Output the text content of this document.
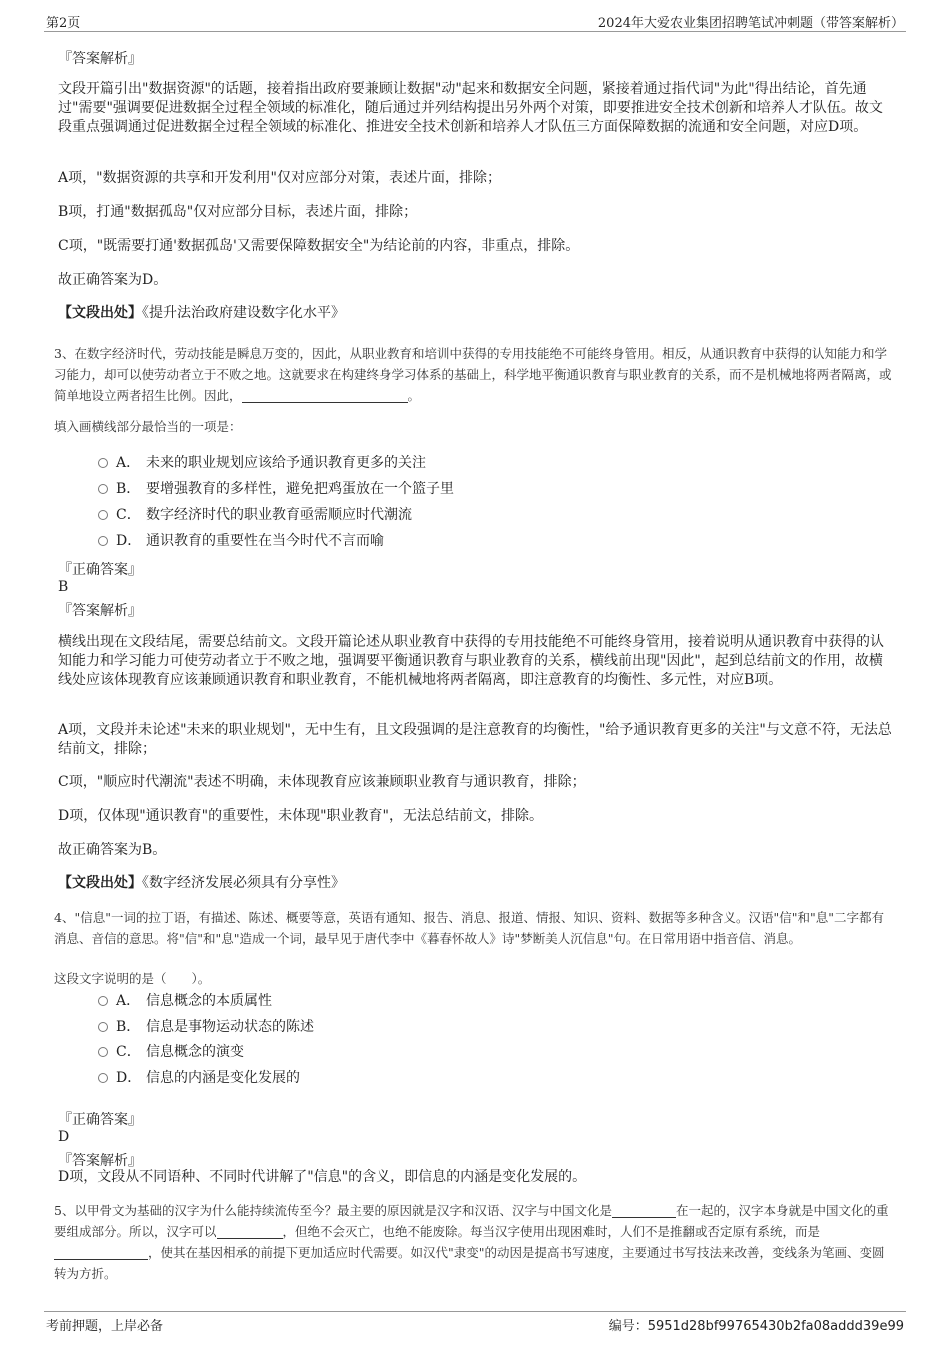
第2页	2024年大爱农业集团招聘笔试冲刺题（带答案解析）
『答案解析』
文段开篇引出"数据资源"的话题，接着指出政府要兼顾让数据"动"起来和数据安全问题，紧接着通过指代词"为此"得出结论，首先通过"需要"强调要促进数据全过程全领域的标准化，随后通过并列结构提出另外两个对策，即要推进安全技术创新和培养人才队伍。故文段重点强调通过促进数据全过程全领域的标准化、推进安全技术创新和培养人才队伍三方面保障数据的流通和安全问题，对应D项。
A项，"数据资源的共享和开发利用"仅对应部分对策，表述片面，排除；
B项，打通"数据孤岛"仅对应部分目标，表述片面，排除；
C项，"既需要打通'数据孤岛'又需要保障数据安全"为结论前的内容，非重点，排除。
故正确答案为D。
【文段出处】《提升法治政府建设数字化水平》
3、在数字经济时代，劳动技能是瞬息万变的，因此，从职业教育和培训中获得的专用技能绝不可能终身管用。相反，从通识教育中获得的认知能力和学习能力，却可以使劳动者立于不败之地。这就要求在构建终身学习体系的基础上，科学地平衡通识教育与职业教育的关系，而不是机械地将两者隔离，或简单地设立两者招生比例。因此，	。
填入画横线部分最恰当的一项是：
A． 未来的职业规划应该给予通识教育更多的关注
B． 要增强教育的多样性，避免把鸡蛋放在一个篮子里
C． 数字经济时代的职业教育亟需顺应时代潮流
D． 通识教育的重要性在当今时代不言而喻
『正确答案』
B
『答案解析』
横线出现在文段结尾，需要总结前文。文段开篇论述从职业教育中获得的专用技能绝不可能终身管用，接着说明从通识教育中获得的认知能力和学习能力可使劳动者立于不败之地，强调要平衡通识教育与职业教育的关系，横线前出现"因此"，起到总结前文的作用，故横线处应该体现教育应该兼顾通识教育和职业教育，不能机械地将两者隔离，即注意教育的均衡性、多元性，对应B项。
A项，文段并未论述"未来的职业规划"，无中生有，且文段强调的是注意教育的均衡性，"给予通识教育更多的关注"与文意不符，无法总结前文，排除；
C项，"顺应时代潮流"表述不明确，未体现教育应该兼顾职业教育与通识教育，排除；
D项，仅体现"通识教育"的重要性，未体现"职业教育"，无法总结前文，排除。
故正确答案为B。
【文段出处】《数字经济发展必须具有分享性》
4、"信息"一词的拉丁语，有描述、陈述、概要等意，英语有通知、报告、消息、报道、情报、知识、资料、数据等多种含义。汉语"信"和"息"二字都有消息、音信的意思。将"信"和"息"造成一个词，最早见于唐代李中《暮春怀故人》诗"梦断美人沉信息"句。在日常用语中指音信、消息。
这段文字说明的是（　　）。
A． 信息概念的本质属性
B． 信息是事物运动状态的陈述
C． 信息概念的演变
D． 信息的内涵是变化发展的
『正确答案』
D
『答案解析』
D项，文段从不同语种、不同时代讲解了"信息"的含义，即信息的内涵是变化发展的。
5、以甲骨文为基础的汉字为什么能持续流传至今？最主要的原因就是汉字和汉语、汉字与中国文化是	在一起的，汉字本身就是中国文化的重要组成部分。所以，汉字可以	，但绝不会灭亡，也绝不能废除。每当汉字使用出现困难时，人们不是推翻或否定原有系统，而是，使其在基因相承的前提下更加适应时代需要。如汉代"隶变"的动因是提高书写速度，主要通过书写技法来改善，变线条为笔画、变圆转为方折。
考前押题，上岸必备	编号：5951d28bf99765430b2fa08addd39e99
